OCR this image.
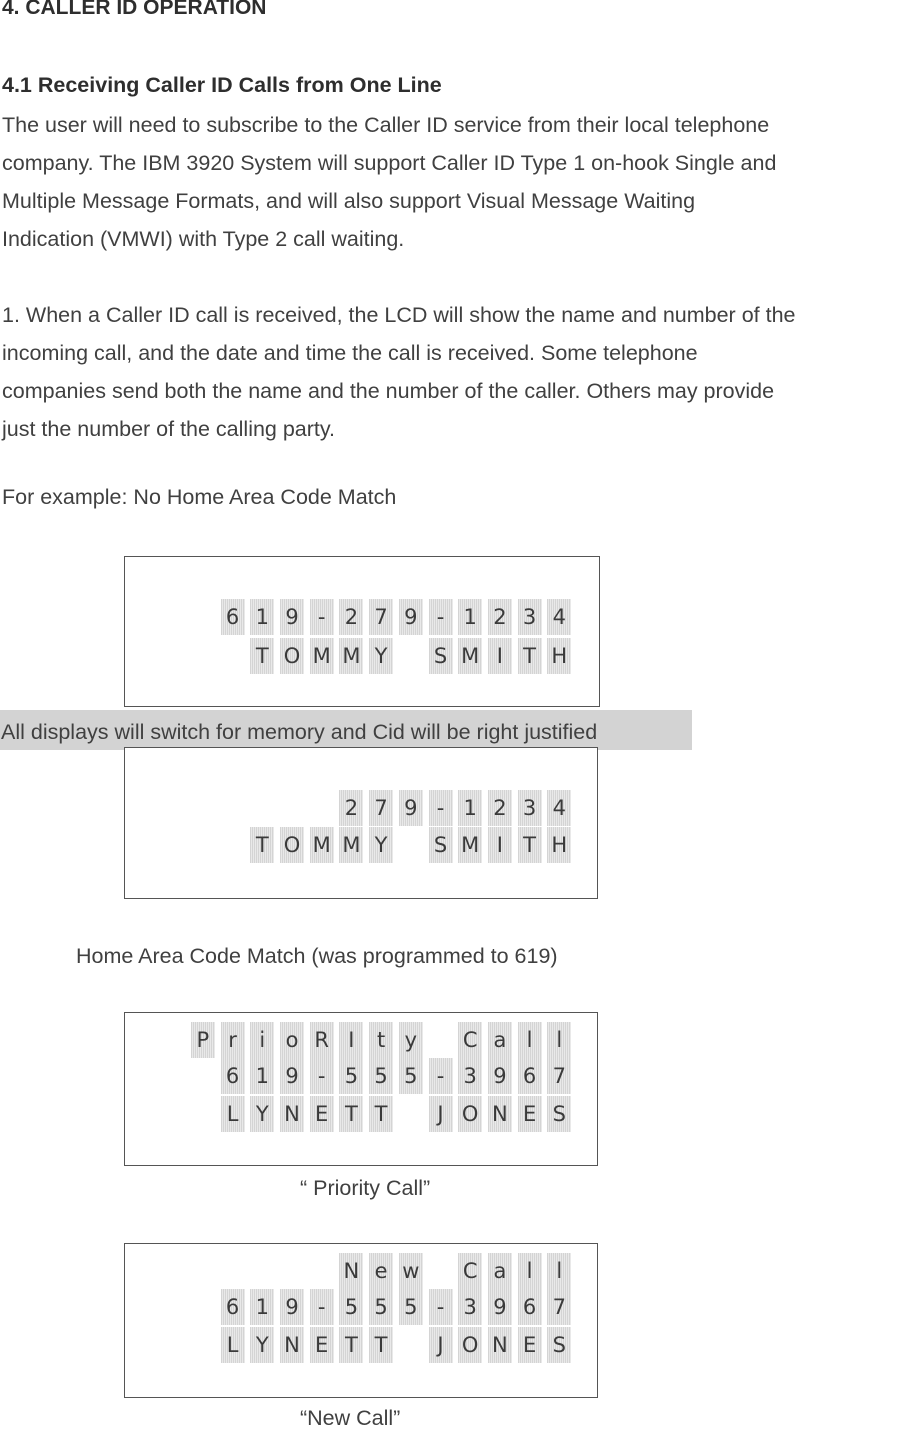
4. CALLER ID OPERATION
4.1 Receiving Caller ID Calls from One Line
The user will need to subscribe to the Caller ID service from their local telephone
company. The IBM 3920 System will support Caller ID Type 1 on-hook Single and
Multiple Message Formats, and will also support Visual Message Waiting
Indication (VMWI) with Type 2 call waiting.
1. When a Caller ID call is received, the LCD will show the name and number of the
incoming call, and the date and time the call is received. Some telephone
companies send both the name and the number of the caller. Others may provide
just the number of the calling party.
For example: No Home Area Code Match
6 1 9 - 2 7 9 - 1 2 3 4
T O M M Y S M I T H
All displays will switch for memory and Cid will be right justified
2 7 9 - 1 2 3 4
T O M M Y S M I T H
Home Area Code Match (was programmed to 619)
P r	i o R I	t y C a l	l
6 1 9 - 5 5 5 - 3 9 6 7
L Y N E T T	J O N E S
“ Priority Call”
N e w C a l	l
6 1 9 - 5 5 5 - 3 9 6 7
L Y N E T T	J O N E S
“New Call”
